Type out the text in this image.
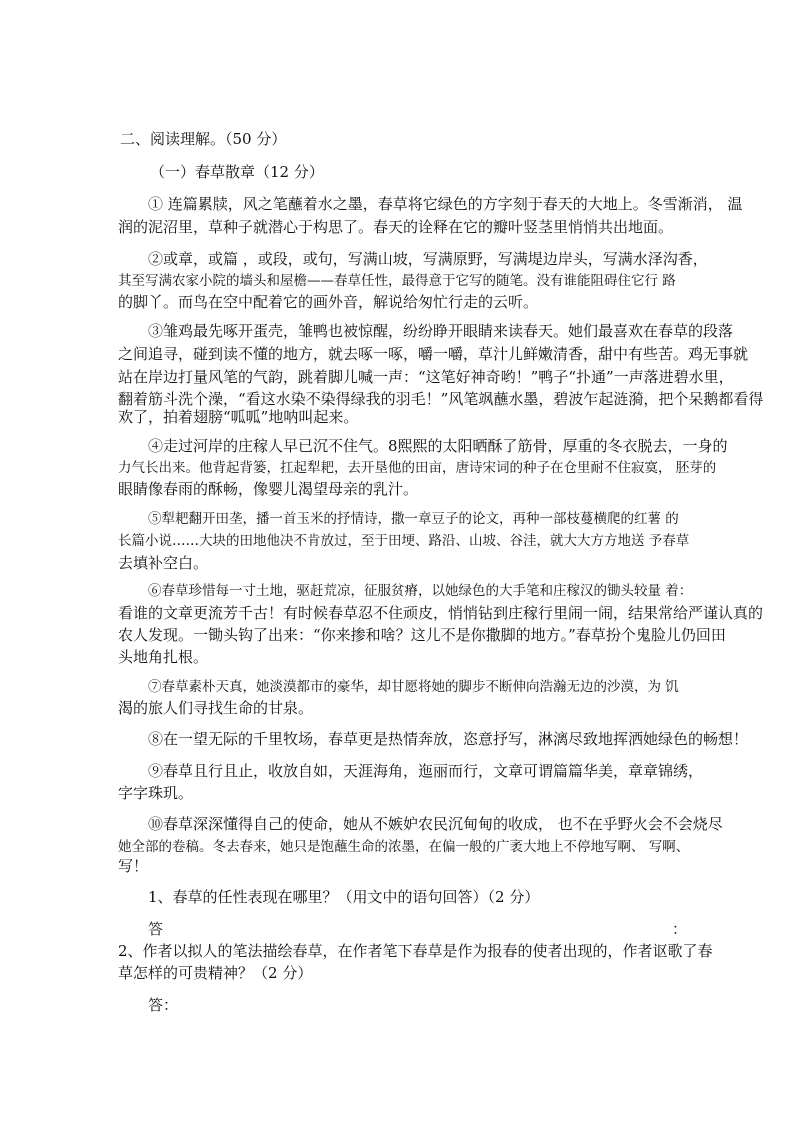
二、阅读理解。（50 分）
（一）春草散章（12 分）
① 连篇累牍，风之笔蘸着水之墨，春草将它绿色的方字刻于春天的大地上。冬雪渐消， 温
润的泥沼里，草种子就潜心于构思了。春天的诠释在它的瓣叶竖茎里悄悄共出地面。
②或章，或篇 ，或段，或句，写满山坡，写满原野，写满堤边岸头，写满水泽沟香，
其至写满农家小院的墙头和屋檐——春草任性，最得意于它写的随笔。没有谁能阻碍住它行 路
的脚丫。而鸟在空中配着它的画外音，解说给匆忙行走的云听。
③雏鸡最先啄开蛋壳，雏鸭也被惊醒，纷纷睁开眼睛来读春天。她们最喜欢在春草的段落
之间追寻，碰到读不懂的地方，就去啄一啄，嚼一嚼，草汁儿鲜嫩清香，甜中有些苦。鸡无事就
站在岸边打量风笔的气韵，跳着脚儿喊一声：“这笔好神奇哟！”鸭子“扑通”一声落进碧水里，
翻着筋斗洗个澡，“看这水染不染得绿我的羽毛！”风笔飒蘸水墨，碧波乍起涟漪，把个呆鹅都看得
欢了，拍着翅膀“呱呱”地呐叫起来。
④走过河岸的庄稼人早已沉不住气。8熙熙的太阳晒酥了筋骨，厚重的冬衣脱去，一身的
力气长出来。他背起背篓，扛起犁耙，去开垦他的田亩，唐诗宋词的种子在仓里耐不住寂寞， 胚芽的
眼睛像春雨的酥畅，像婴儿渴望母亲的乳汁。
⑤犁耙翻开田垄，播一首玉米的抒情诗，撒一章豆子的论文，再种一部枝蔓横爬的红薯 的
长篇小说……大块的田地他决不肯放过，至于田埂、路沿、山坡、谷洼，就大大方方地送 予春草
去填补空白。
⑥春草珍惜每一寸土地，驱赶荒凉，征服贫瘠，以她绿色的大手笔和庄稼汉的锄头较量 着：
看谁的文章更流芳千古！有时候春草忍不住顽皮，悄悄钻到庄稼行里闹一闹，结果常给严谨认真的
农人发现。一锄头钩了出来：“你来掺和啥？这儿不是你撒脚的地方。”春草扮个鬼脸儿仍回田
头地角扎根。
⑦春草素朴天真，她淡漠都市的豪华，却甘愿将她的脚步不断伸向浩瀚无边的沙漠，为 饥
渴的旅人们寻找生命的甘泉。
⑧在一望无际的千里牧场，春草更是热情奔放，恣意抒写，淋漓尽致地挥洒她绿色的畅想！
⑨春草且行且止，收放自如，天涯海角，迤丽而行，文章可谓篇篇华美，章章锦绣，
字字珠玑。
⑩春草深深懂得自己的使命，她从不嫉妒农民沉甸甸的收成， 也不在乎野火会不会烧尽
她全部的卷稿。冬去春来，她只是饱蘸生命的浓墨，在偏一般的广袤大地上不停地写啊、 写啊、
写！
1、春草的任性表现在哪里？（用文中的语句回答）（2 分）
答	：
2、作者以拟人的笔法描绘春草，在作者笔下春草是作为报春的使者出现的，作者讴歌了春
草怎样的可贵精神？（2 分）
答：
